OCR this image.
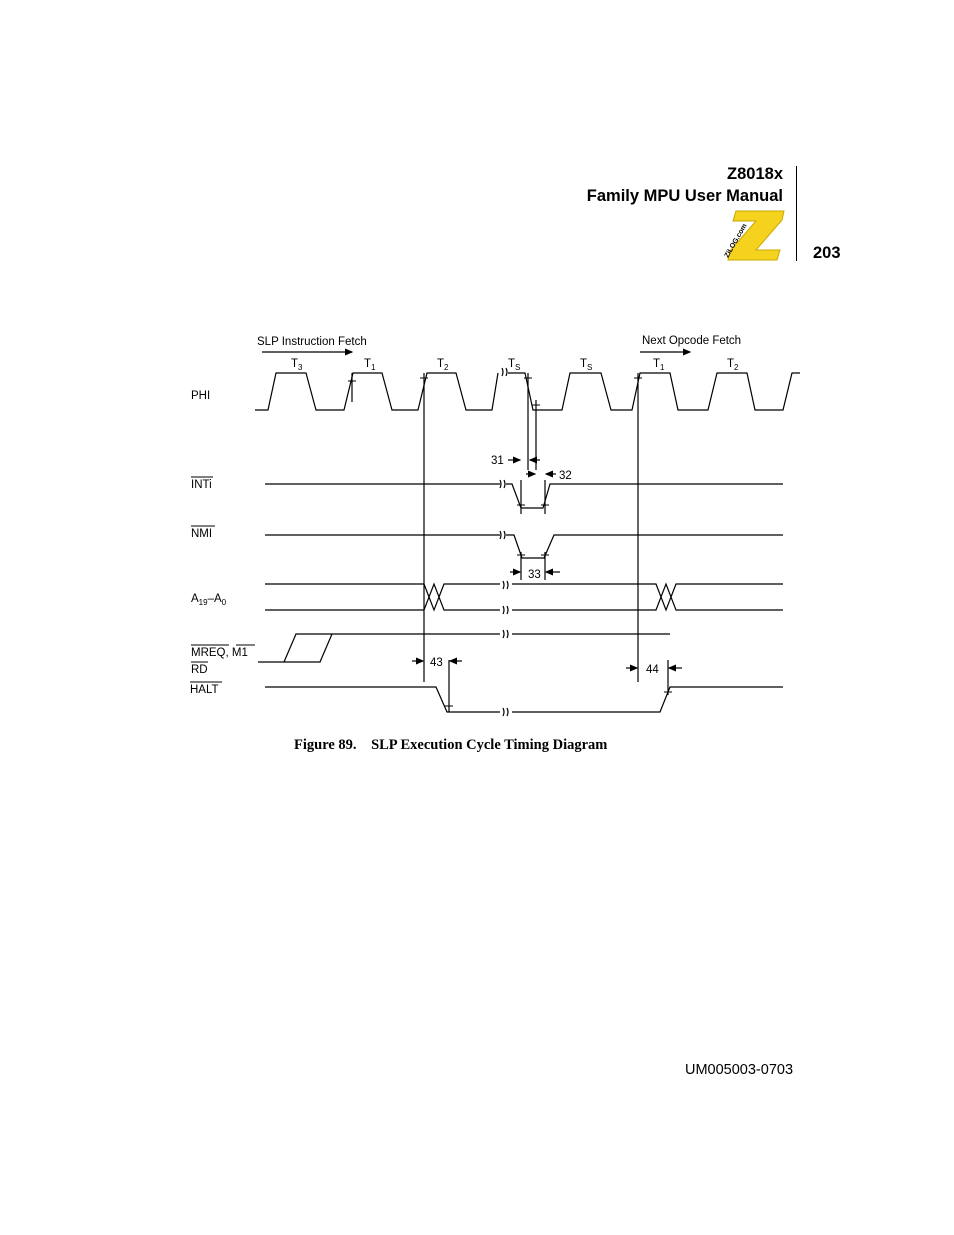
Z8018x
Family MPU User Manual
ZiLOG.com	203
SLP Instruction Fetch	Next Opcode Fetch
$T_3$	$T_1$	$T_2$	$T_S$	$T_S$	$T_1$	$T_2$
PHI
INTi
NMI
$A_{19}-A_0$
MREQ, M1
RD
HALT
31
32
33
43
44
Figure 89. SLP Execution Cycle Timing Diagram
UM005003-0703
